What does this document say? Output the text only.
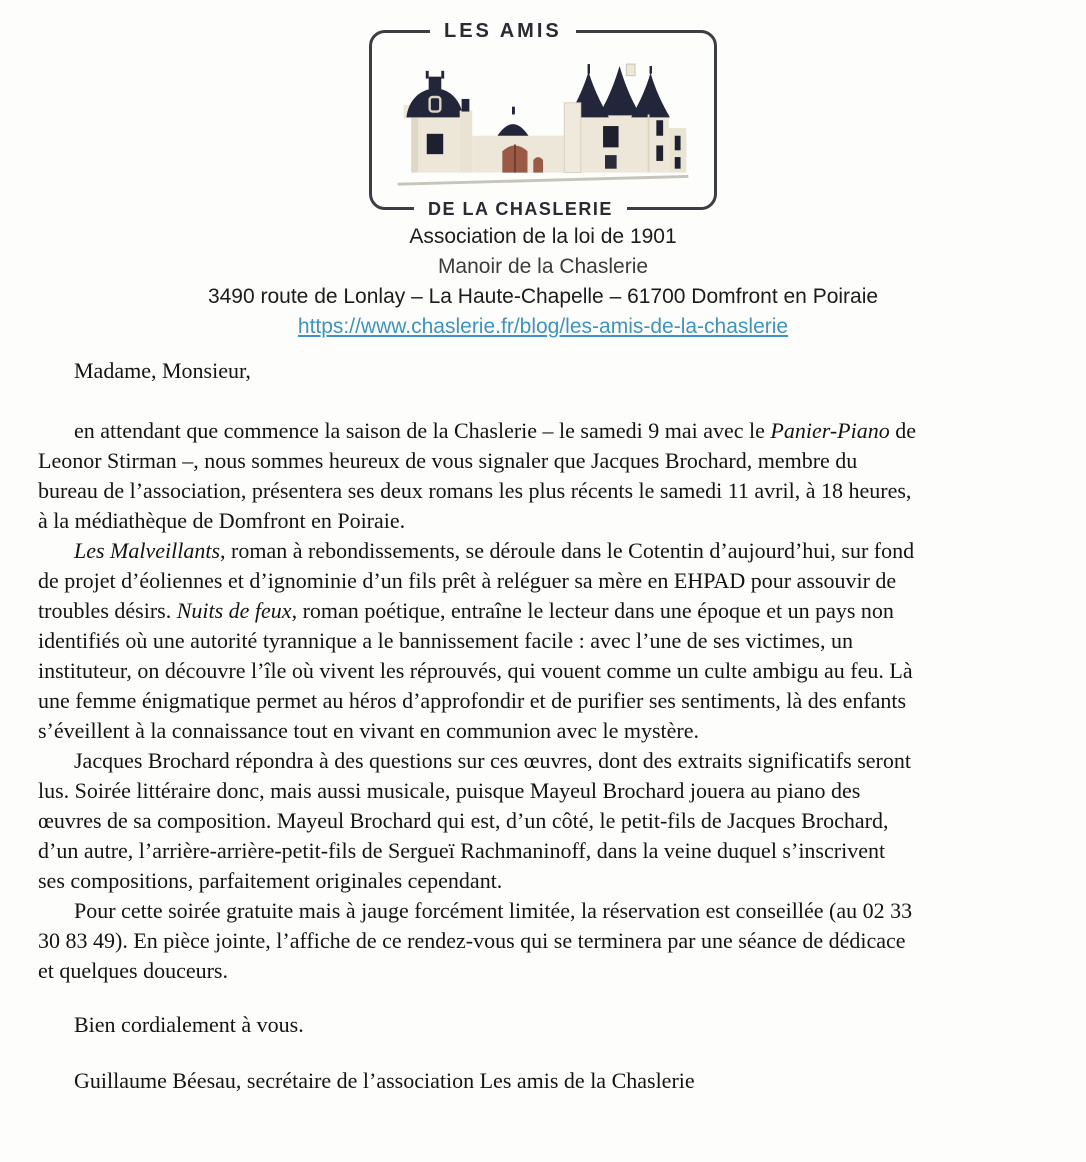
LES AMIS
DE LA CHASLERIE
Association de la loi de 1901
Manoir de la Chaslerie
3490 route de Lonlay – La Haute-Chapelle – 61700 Domfront en Poiraie
https://www.chaslerie.fr/blog/les-amis-de-la-chaslerie
Madame, Monsieur,
en attendant que commence la saison de la Chaslerie – le samedi 9 mai avec le Panier-Piano de
Leonor Stirman –, nous sommes heureux de vous signaler que Jacques Brochard, membre du
bureau de l’association, présentera ses deux romans les plus récents le samedi 11 avril, à 18 heures,
à la médiathèque de Domfront en Poiraie.
Les Malveillants, roman à rebondissements, se déroule dans le Cotentin d’aujourd’hui, sur fond
de projet d’éoliennes et d’ignominie d’un fils prêt à reléguer sa mère en EHPAD pour assouvir de
troubles désirs. Nuits de feux, roman poétique, entraîne le lecteur dans une époque et un pays non
identifiés où une autorité tyrannique a le bannissement facile : avec l’une de ses victimes, un
instituteur, on découvre l’île où vivent les réprouvés, qui vouent comme un culte ambigu au feu. Là
une femme énigmatique permet au héros d’approfondir et de purifier ses sentiments, là des enfants
s’éveillent à la connaissance tout en vivant en communion avec le mystère.
Jacques Brochard répondra à des questions sur ces œuvres, dont des extraits significatifs seront
lus. Soirée littéraire donc, mais aussi musicale, puisque Mayeul Brochard jouera au piano des
œuvres de sa composition. Mayeul Brochard qui est, d’un côté, le petit-fils de Jacques Brochard,
d’un autre, l’arrière-arrière-petit-fils de Sergueï Rachmaninoff, dans la veine duquel s’inscrivent
ses compositions, parfaitement originales cependant.
Pour cette soirée gratuite mais à jauge forcément limitée, la réservation est conseillée (au 02 33
30 83 49). En pièce jointe, l’affiche de ce rendez-vous qui se terminera par une séance de dédicace
et quelques douceurs.
Bien cordialement à vous.
Guillaume Béesau, secrétaire de l’association Les amis de la Chaslerie
